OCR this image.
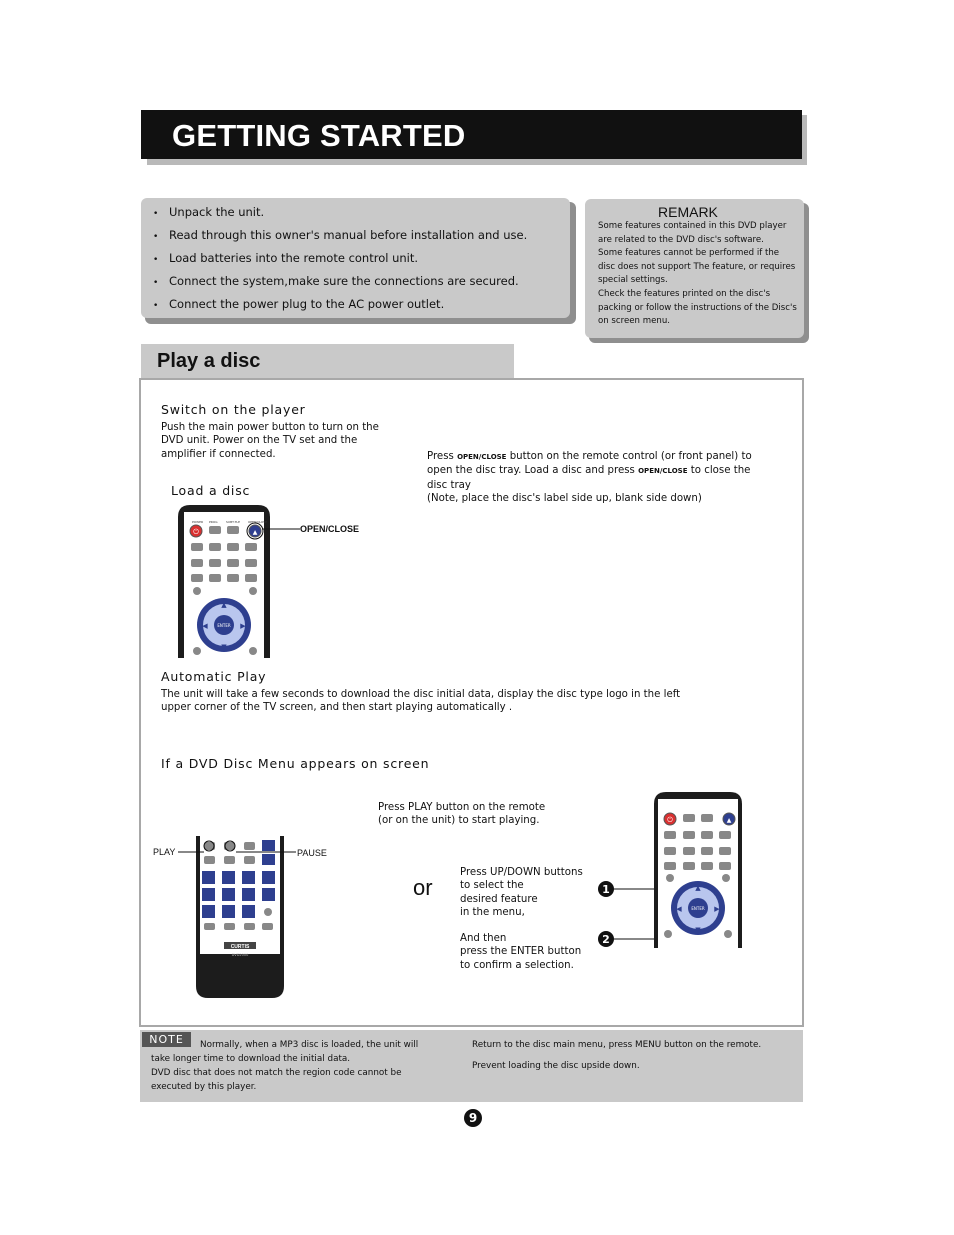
GETTING STARTED
• Unpack the unit.
• Read through this owner's manual before installation and use.
• Load batteries into the remote control unit.
• Connect the system,make sure the connections are secured.
• Connect the power plug to the AC power outlet.
REMARK
Some features contained in this DVD player
are related to the DVD disc's software.
Some features cannot be performed if the
disc does not support The feature, or requires
special settings.
Check the features printed on the disc's
packing or follow the instructions of the Disc's
on screen menu.
Play a disc
Switch on the player
Push the main power button to turn on the
DVD unit. Power on the TV set and the
amplifier if connected.	Press OPEN/CLOSE button on the remote control (or front panel) to
open the disc tray. Load a disc and press OPEN/CLOSE to close the
disc tray
(Note, place the disc's label side up, blank side down)
Load a disc
⏻	▲
POWER PROG	SUBT.TLE	OPEN/CLOSE
ENTER
▲
▼
◀	▶
OPEN/CLOSE
Automatic Play
The unit will take a few seconds to download the disc initial data, display the disc type logo in the left
upper corner of the TV screen, and then start playing automatically .
If a DVD Disc Menu appears on screen
Press PLAY button on the remote
(or on the unit) to start playing.
CURTIS
DVD2000
PLAY	PAUSE
or
Press UP/DOWN buttons
to select the
desired feature
in the menu,
And then
press the ENTER button
to confirm a selection.
1
2
⏻	▲
ENTER
▲
▼
◀	▶
NOTE	Normally, when a MP3 disc is loaded, the unit will
take longer time to download the initial data.
DVD disc that does not match the region code cannot be
executed by this player.
Return to the disc main menu, press MENU button on the remote.
Prevent loading the disc upside down.
9
